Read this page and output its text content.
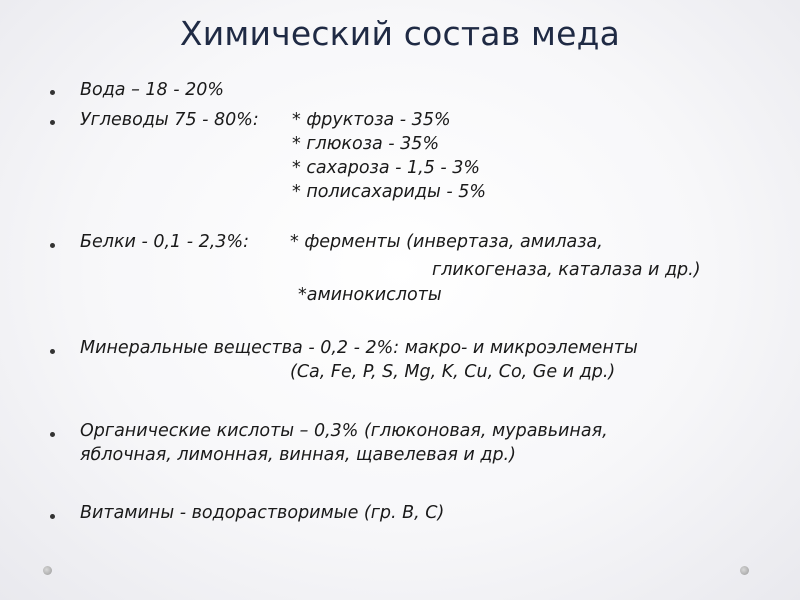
Химический состав меда
Вода – 18 - 20%
Углеводы 75 - 80%: * фруктоза - 35%
* глюкоза - 35%
* сахароза - 1,5 - 3%
* полисахариды - 5%
Белки - 0,1 - 2,3%: * ферменты (инвертаза, амилаза,
гликогеназа, каталаза и др.)
*аминокислоты
Минеральные вещества - 0,2 - 2%: макро- и микроэлементы
(Ca, Fe, P, S, Mg, K, Cu, Co, Ge и др.)
Органические кислоты – 0,3% (глюконовая, муравьиная,
яблочная, лимонная, винная, щавелевая и др.)
Витамины - водорастворимые (гр. B, C)
